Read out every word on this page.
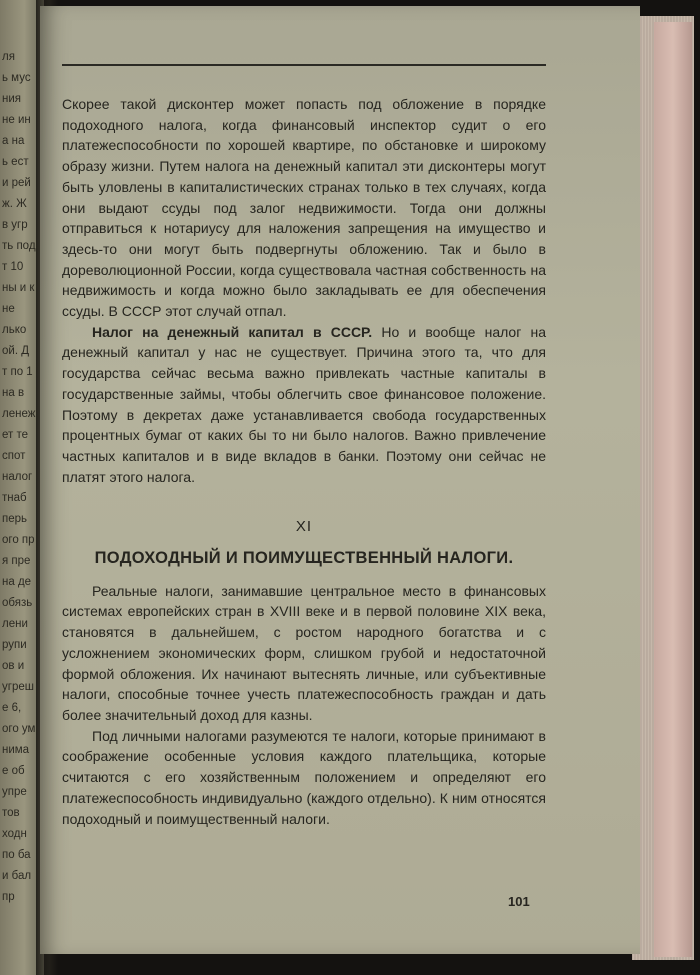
ля
ь мус
ния
не ин
а на
ь ест
и рей
ж. Ж
в угр
ть под
т 10
ны и к
не
лько
ой. Д
т по 1
на в
ленеж
ет те
спот
налог
тнаб
перь
ого пр
я пре
на де
обязь
лени
рупи
ов и
угреш
е 6,
ого ум
нима
е об
упре
тов
ходн
по ба
и бал
пр

Скорее такой дисконтер может попасть под обложение в порядке подоходного налога, когда финансовый инспектор судит о его платежеспособности по хорошей квартире, по обстановке и широкому образу жизни. Путем налога на денежный капитал эти дисконтеры могут быть уловлены в капиталистических странах только в тех случаях, когда они выдают ссуды под залог недвижимости. Тогда они должны отправиться к нотариусу для наложения запрещения на имущество и здесь-то они могут быть подвергнуты обложению. Так и было в дореволюционной России, когда существовала частная собственность на недвижимость и когда можно было закладывать ее для обеспечения ссуды. В СССР этот случай отпал.

Налог на денежный капитал в СССР. Но и вообще налог на денежный капитал у нас не существует. Причина этого та, что для государства сейчас весьма важно привлекать частные капиталы в государственные займы, чтобы облегчить свое финансовое положение. Поэтому в декретах даже устанавливается свобода государственных процентных бумаг от каких бы то ни было налогов. Важно привлечение частных капиталов и в виде вкладов в банки. Поэтому они сейчас не платят этого налога.

XI
ПОДОХОДНЫЙ И ПОИМУЩЕСТВЕННЫЙ НАЛОГИ.

Реальные налоги, занимавшие центральное место в финансовых системах европейских стран в XVIII веке и в первой половине XIX века, становятся в дальнейшем, с ростом народного богатства и с усложнением экономических форм, слишком грубой и недостаточной формой обложения. Их начинают вытеснять личные, или субъективные налоги, способные точнее учесть платежеспособность граждан и дать более значительный доход для казны.

Под личными налогами разумеются те налоги, которые принимают в соображение особенные условия каждого плательщика, которые считаются с его хозяйственным положением и определяют его платежеспособность индивидуально (каждого отдельно). К ним относятся подоходный и поимущественный налоги.

101
